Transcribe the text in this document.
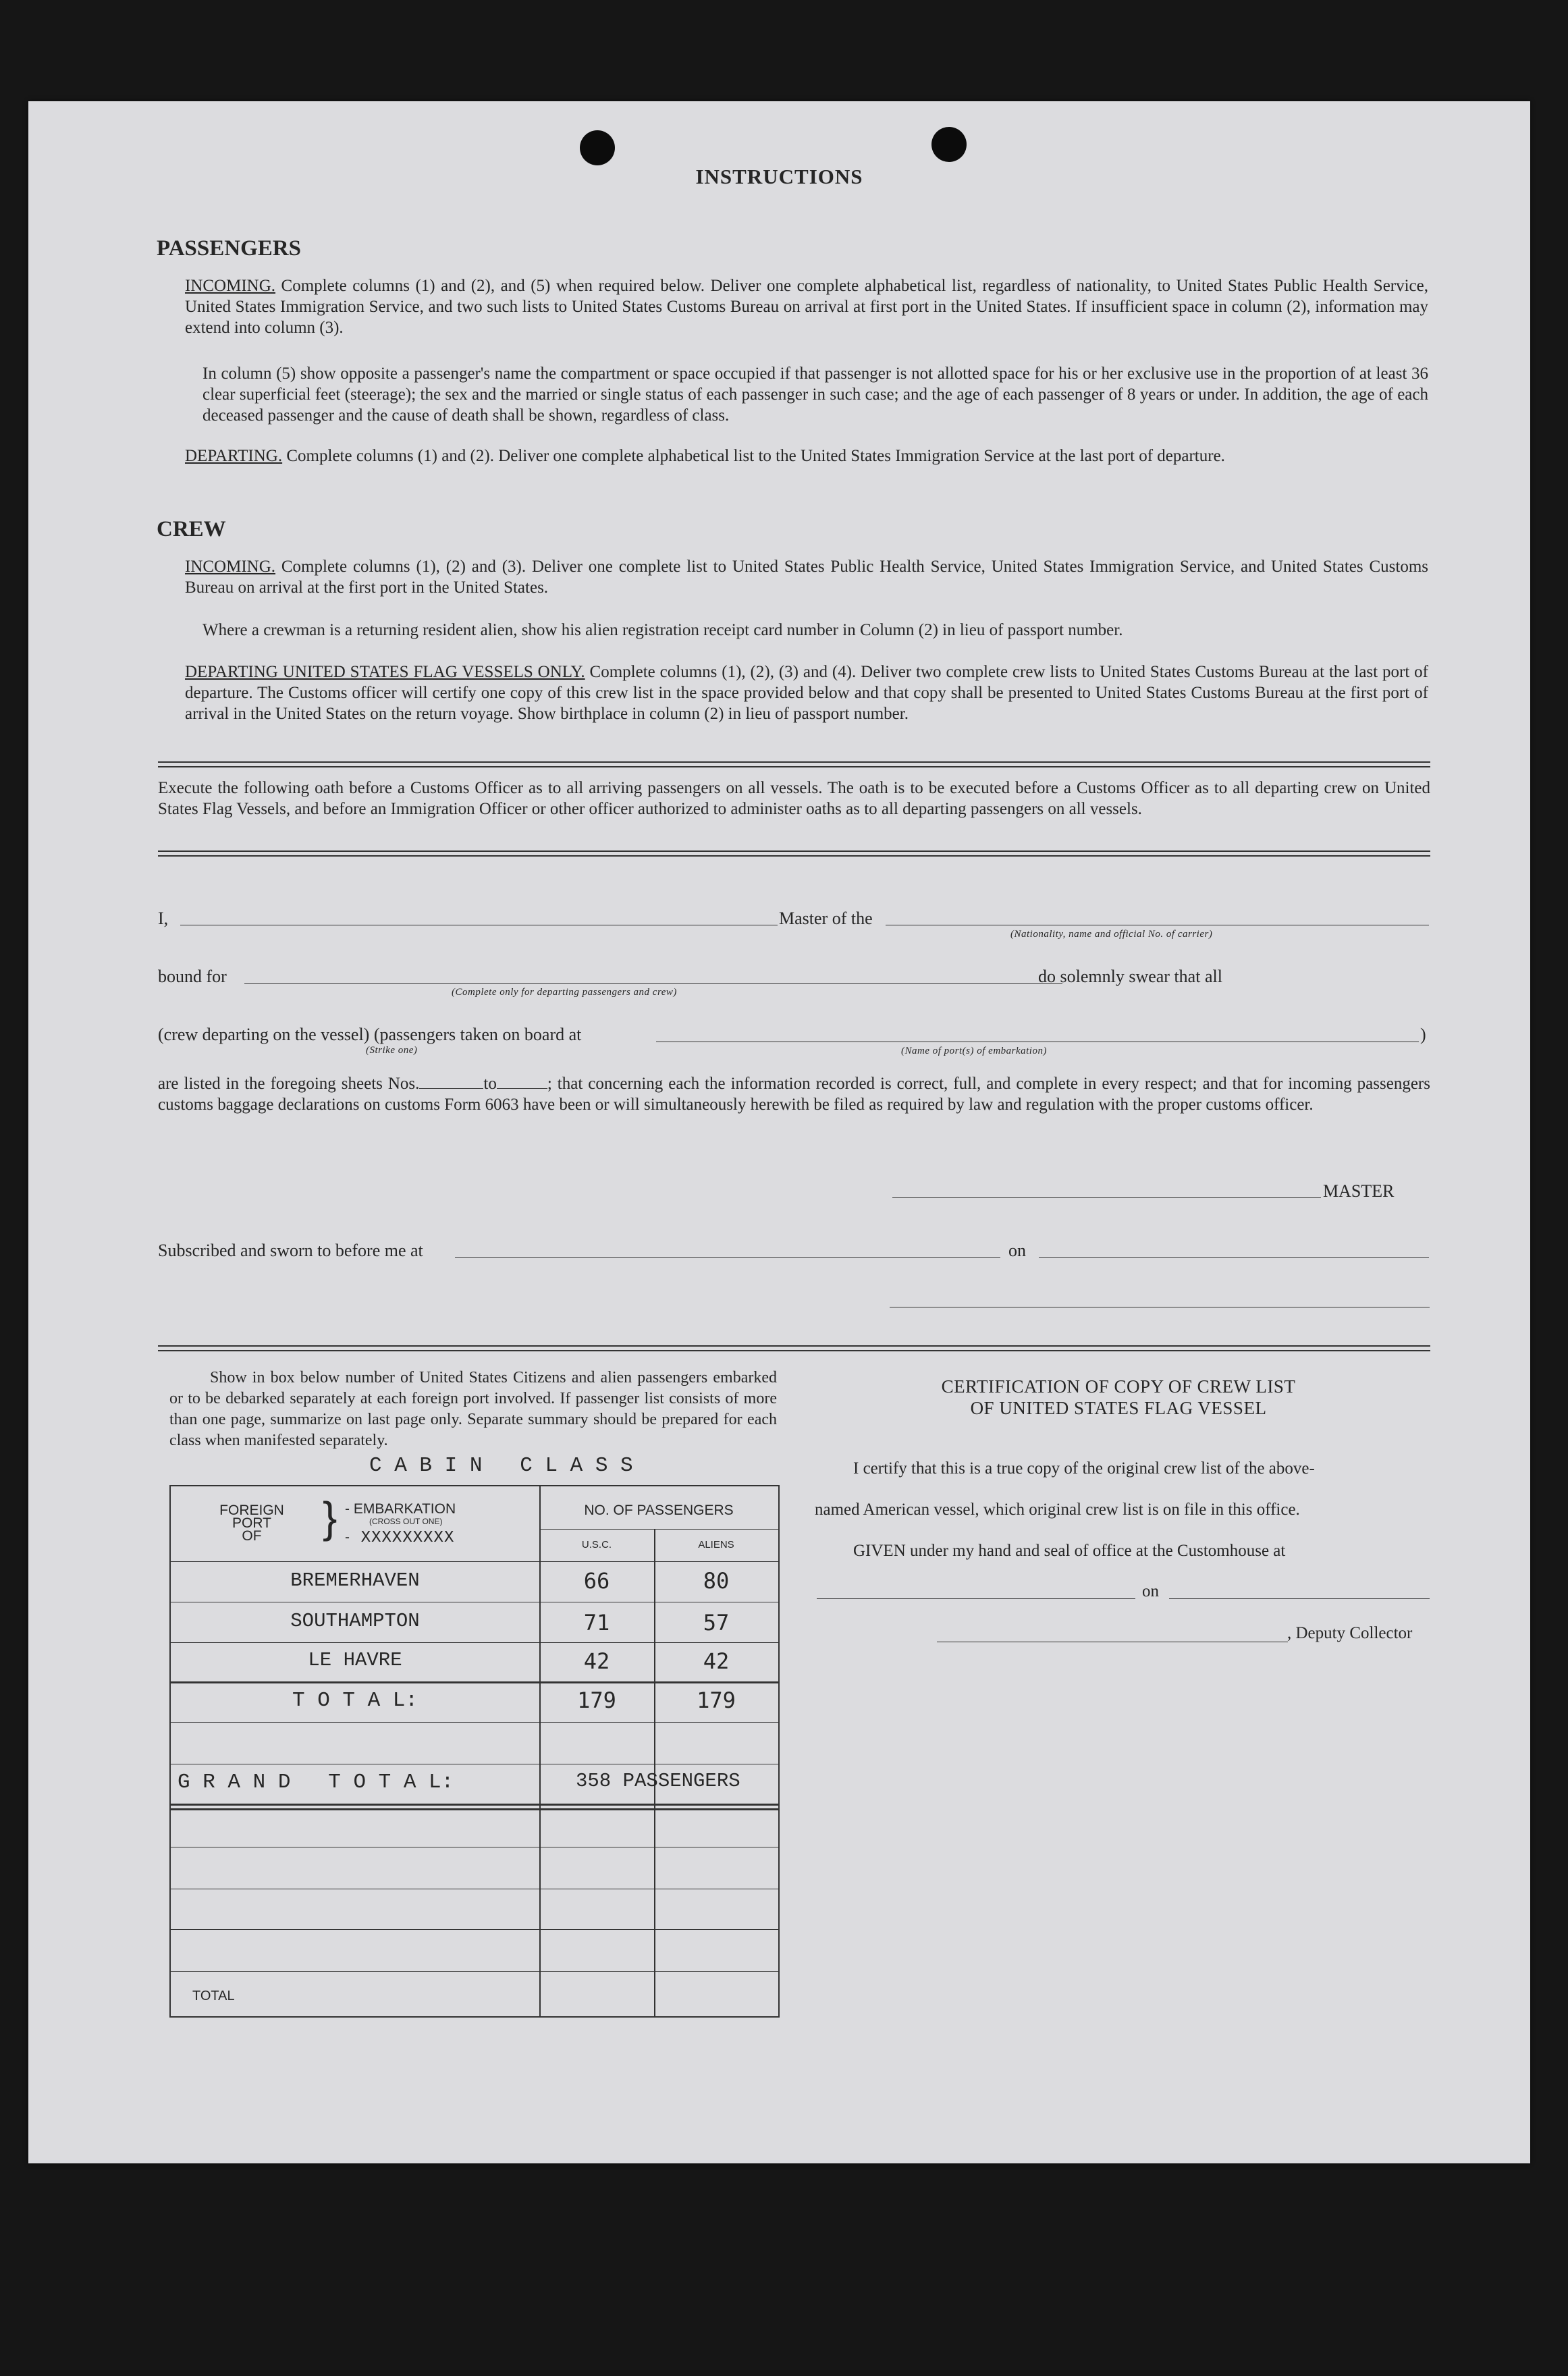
INSTRUCTIONS
PASSENGERS
INCOMING. Complete columns (1) and (2), and (5) when required below. Deliver one complete alphabetical list, regardless of nationality, to United States Public Health Service, United States Immigration Service, and two such lists to United States Customs Bureau on arrival at first port in the United States. If insufficient space in column (2), information may extend into column (3).
In column (5) show opposite a passenger's name the compartment or space occupied if that passenger is not allotted space for his or her exclusive use in the proportion of at least 36 clear superficial feet (steerage); the sex and the married or single status of each passenger in such case; and the age of each passenger of 8 years or under. In addition, the age of each deceased passenger and the cause of death shall be shown, regardless of class.
DEPARTING. Complete columns (1) and (2). Deliver one complete alphabetical list to the United States Immigration Service at the last port of departure.
CREW
INCOMING. Complete columns (1), (2) and (3). Deliver one complete list to United States Public Health Service, United States Immigration Service, and United States Customs Bureau on arrival at the first port in the United States.
Where a crewman is a returning resident alien, show his alien registration receipt card number in Column (2) in lieu of passport number.
DEPARTING UNITED STATES FLAG VESSELS ONLY. Complete columns (1), (2), (3) and (4). Deliver two complete crew lists to United States Customs Bureau at the last port of departure. The Customs officer will certify one copy of this crew list in the space provided below and that copy shall be presented to United States Customs Bureau at the first port of arrival in the United States on the return voyage. Show birthplace in column (2) in lieu of passport number.
Execute the following oath before a Customs Officer as to all arriving passengers on all vessels. The oath is to be executed before a Customs Officer as to all departing crew on United States Flag Vessels, and before an Immigration Officer or other officer authorized to administer oaths as to all departing passengers on all vessels.
I,	Master of the
(Nationality, name and official No. of carrier)
bound for
(Complete only for departing passengers and crew)
do solemnly swear that all
(crew departing on the vessel) (passengers taken on board at
(Strike one)	(Name of port(s) of embarkation)
)
are listed in the foregoing sheets Nos.	to	; that concerning each the information recorded is correct, full, and complete in every respect; and that for incoming passengers customs baggage declarations on customs Form 6063 have been or will simultaneously herewith be filed as required by law and regulation with the proper customs officer.
MASTER
Subscribed and sworn to before me at	on
Show in box below number of United States Citizens and alien passengers embarked or to be debarked separately at each foreign port involved. If passenger list consists of more than one page, summarize on last page only. Separate summary should be prepared for each class when manifested separately.
C A B I N   C L A S S
FOREIGN
PORT
OF	} - EMBARKATION
(CROSS OUT ONE)
- XXXXXXXXX
NO. OF PASSENGERS
U.S.C.	ALIENS
BREMERHAVEN	66	80
SOUTHAMPTON	71	57
LE HAVRE	42	42
T O T A L:	179	179
G R A N D   T O T A L:	358 PASSENGERS
TOTAL
CERTIFICATION OF COPY OF CREW LIST
OF UNITED STATES FLAG VESSEL
I certify that this is a true copy of the original crew list of the above-
named American vessel, which original crew list is on file in this office.
GIVEN under my hand and seal of office at the Customhouse at
on
, Deputy Collector
